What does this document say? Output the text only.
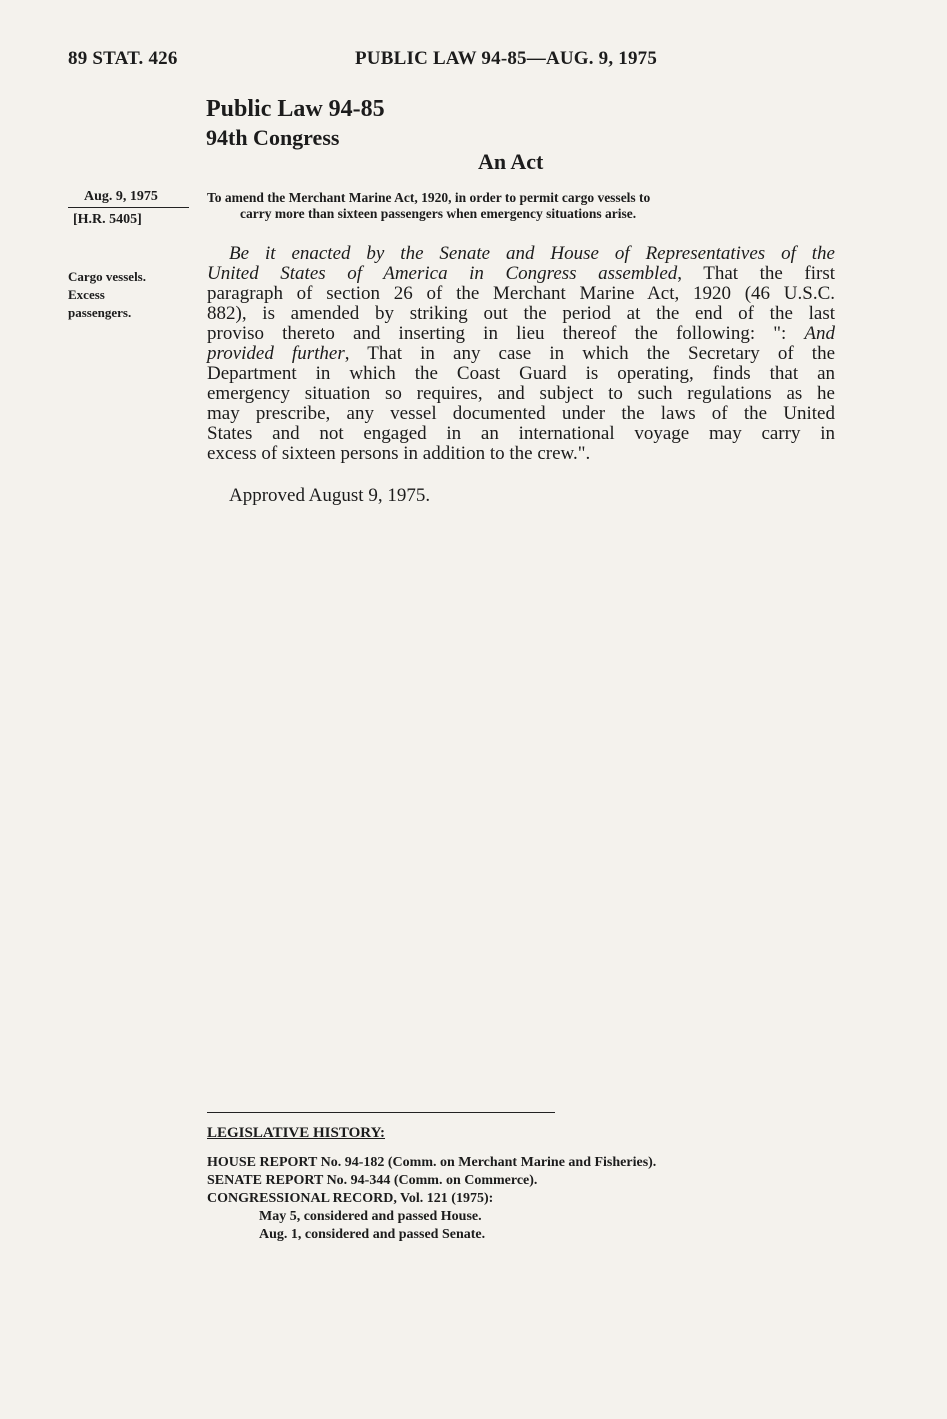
89 STAT. 426	PUBLIC LAW 94-85—AUG. 9, 1975
Public Law 94-85
94th Congress
An Act
Aug. 9, 1975
[H.R. 5405]
Cargo vessels.
Excess
passengers.
To amend the Merchant Marine Act, 1920, in order to permit cargo vessels to
carry more than sixteen passengers when emergency situations arise.
Be it enacted by the Senate and House of Representatives of the
United States of America in Congress assembled, That the first
paragraph of section 26 of the Merchant Marine Act, 1920 (46 U.S.C.
882), is amended by striking out the period at the end of the last
proviso thereto and inserting in lieu thereof the following: ": And
provided further, That in any case in which the Secretary of the
Department in which the Coast Guard is operating, finds that an
emergency situation so requires, and subject to such regulations as he
may prescribe, any vessel documented under the laws of the United
States and not engaged in an international voyage may carry in
excess of sixteen persons in addition to the crew.".
Approved August 9, 1975.
LEGISLATIVE HISTORY:
HOUSE REPORT No. 94-182 (Comm. on Merchant Marine and Fisheries).
SENATE REPORT No. 94-344 (Comm. on Commerce).
CONGRESSIONAL RECORD, Vol. 121 (1975):
May 5, considered and passed House.
Aug. 1, considered and passed Senate.
